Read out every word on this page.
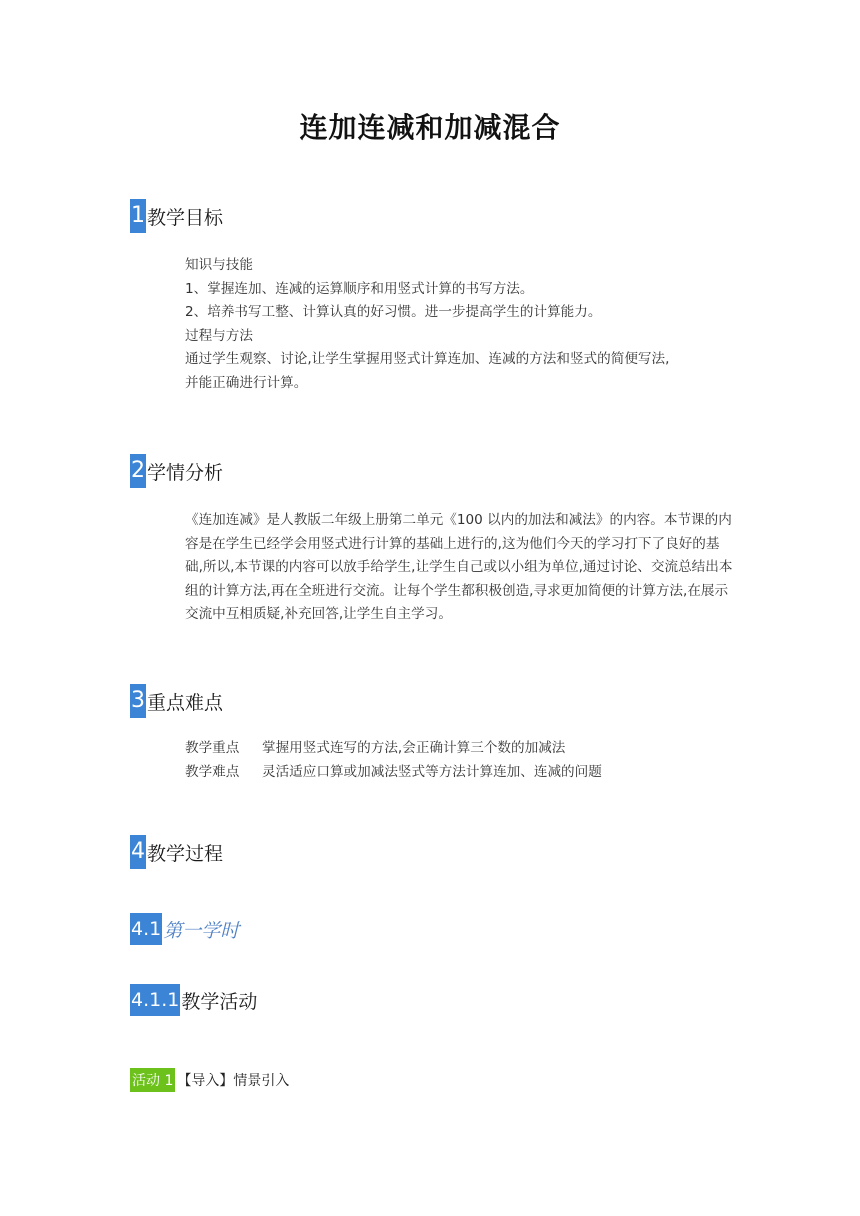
连加连减和加减混合
1 教学目标

知识与技能

1、掌握连加、连减的运算顺序和用竖式计算的书写方法。

2、培养书写工整、计算认真的好习惯。进一步提高学生的计算能力。

过程与方法

通过学生观察、讨论,让学生掌握用竖式计算连加、连减的方法和竖式的简便写法,

并能正确进行计算。

2 学情分析
《连加连减》是人教版二年级上册第二单元《100 以内的加法和减法》的内容。本节课的内容是在学生已经学会用竖式进行计算的基础上进行的,这为他们今天的学习打下了良好的基础,所以,本节课的内容可以放手给学生,让学生自己或以小组为单位,通过讨论、交流总结出本组的计算方法,再在全班进行交流。让每个学生都积极创造,寻求更加简便的计算方法,在展示交流中互相质疑,补充回答,让学生自主学习。
3 重点难点
教学重点	掌握用竖式连写的方法,会正确计算三个数的加减法
教学难点	灵活适应口算或加减法竖式等方法计算连加、连减的问题
4 教学过程
4.1 第一学时
4.1.1 教学活动
活动 1 【导入】情景引入
